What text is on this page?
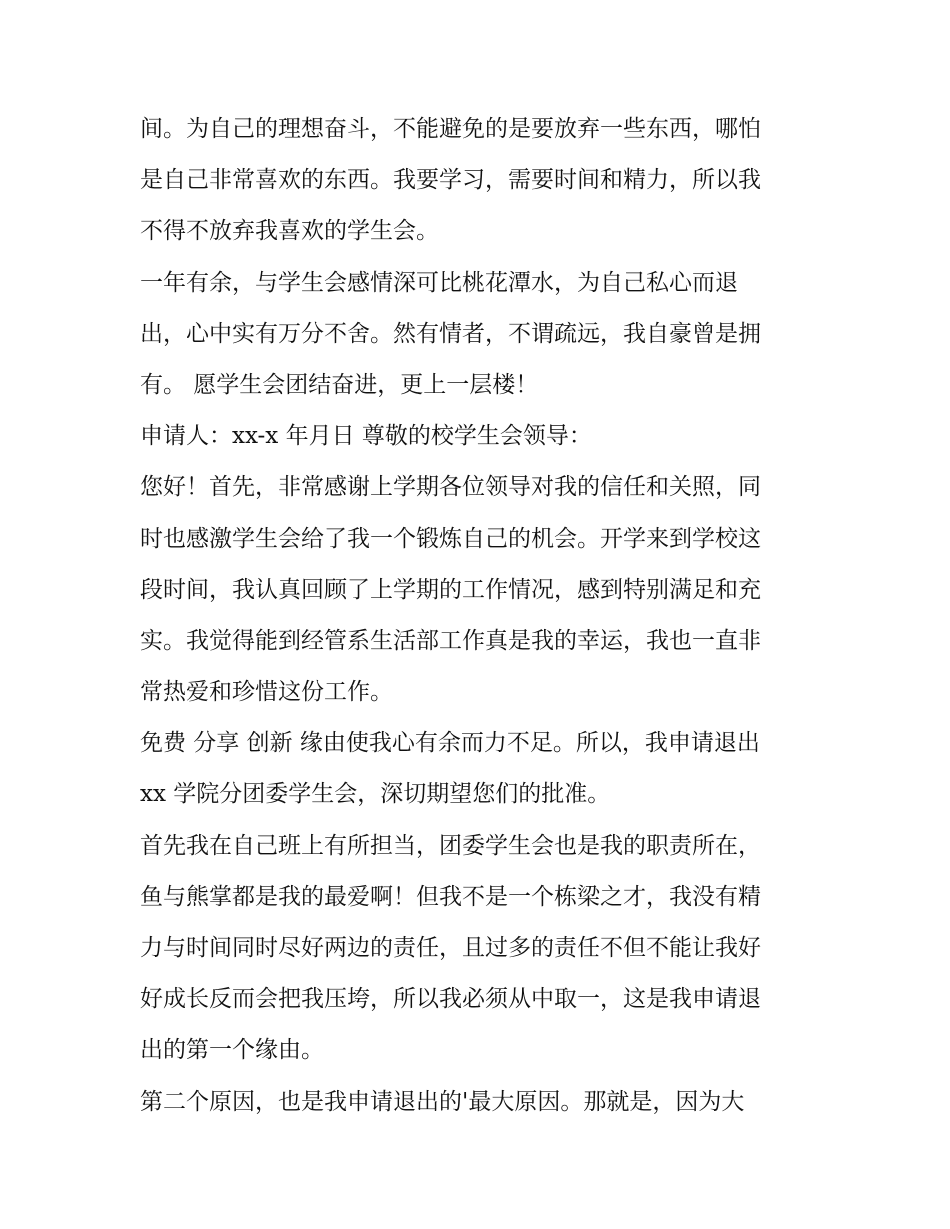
间。为自己的理想奋斗，不能避免的是要放弃一些东西，哪怕
是自己非常喜欢的东西。我要学习，需要时间和精力，所以我
不得不放弃我喜欢的学生会。
一年有余，与学生会感情深可比桃花潭水，为自己私心而退
出，心中实有万分不舍。然有情者，不谓疏远，我自豪曾是拥
有。 愿学生会团结奋进，更上一层楼！
申请人：xx-x 年月日 尊敬的校学生会领导：
您好！首先，非常感谢上学期各位领导对我的信任和关照，同
时也感激学生会给了我一个锻炼自己的机会。开学来到学校这
段时间，我认真回顾了上学期的工作情况，感到特别满足和充
实。我觉得能到经管系生活部工作真是我的幸运，我也一直非
常热爱和珍惜这份工作。
免费 分享 创新 缘由使我心有余而力不足。所以，我申请退出
xx 学院分团委学生会，深切期望您们的批准。
首先我在自己班上有所担当，团委学生会也是我的职责所在，
鱼与熊掌都是我的最爱啊！但我不是一个栋梁之才，我没有精
力与时间同时尽好两边的责任，且过多的责任不但不能让我好
好成长反而会把我压垮，所以我必须从中取一，这是我申请退
出的第一个缘由。
第二个原因，也是我申请退出的'最大原因。那就是，因为大
